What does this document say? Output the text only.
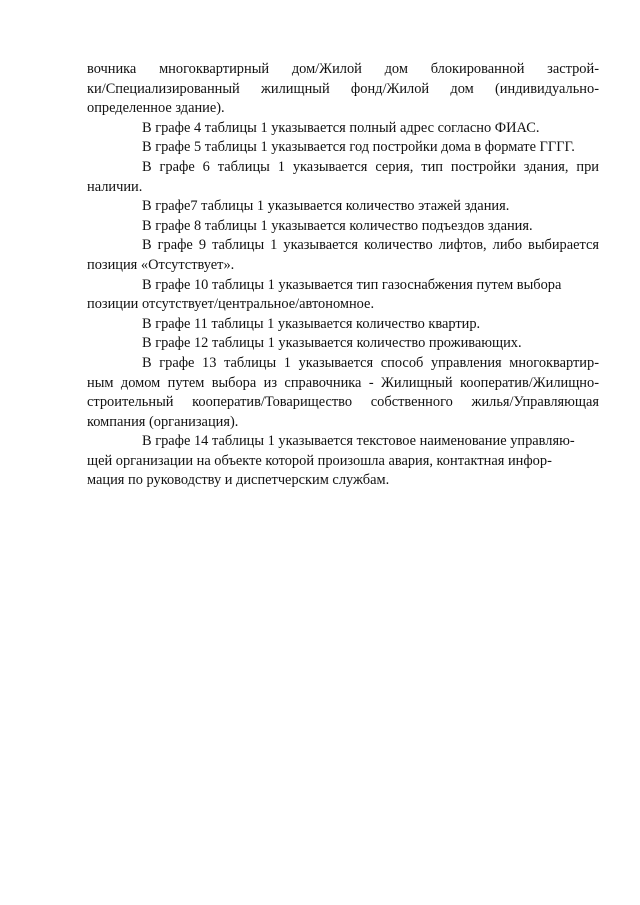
вочника многоквартирный дом/Жилой дом блокированной застрой-
ки/Специализированный жилищный фонд/Жилой дом (индивидуально-
определенное здание).
В графе 4 таблицы 1 указывается полный адрес согласно ФИАС.
В графе 5 таблицы 1 указывается год постройки дома в формате ГГГГ.
В графе 6 таблицы 1 указывается серия, тип постройки здания, при
наличии.
В графе7 таблицы 1 указывается количество этажей здания.
В графе 8 таблицы 1 указывается количество подъездов здания.
В графе 9 таблицы 1 указывается количество лифтов, либо выбирается
позиция «Отсутствует».
В графе 10 таблицы 1 указывается тип газоснабжения путем выбора
позиции отсутствует/центральное/автономное.
В графе 11 таблицы 1 указывается количество квартир.
В графе 12 таблицы 1 указывается количество проживающих.
В графе 13 таблицы 1 указывается способ управления многоквартир-
ным домом путем выбора из справочника - Жилищный кооператив/Жилищно-
строительный кооператив/Товарищество собственного жилья/Управляющая
компания (организация).
В графе 14 таблицы 1 указывается текстовое наименование управляю-
щей организации на объекте которой произошла авария, контактная инфор-
мация по руководству и диспетчерским службам.
